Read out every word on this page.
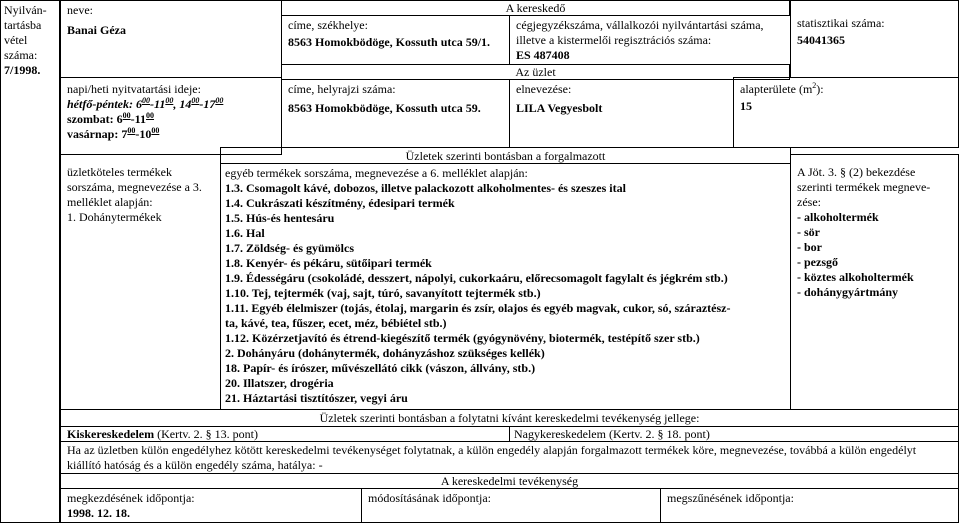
Nyilván-
tartásba
vétel
száma:
7/1998.
A kereskedő
neve:
Banai Géza	címe, székhelye:
8563 Homokbödöge, Kossuth utca 59/1.
cégjegyzékszáma, vállalkozói nyilvántartási száma, illetve a kistermelői regisztrációs száma:
ES 487408
statisztikai száma:
54041365
Az üzlet
napi/heti nyitvatartási ideje:
hétfő-péntek: $6^{00}-11^{00}$, $14^{00}-17^{00}$
szombat: $6^{00}-11^{00}$
vasárnap: $7^{00}-10^{00}$
címe, helyrajzi száma:
8563 Homokbödöge, Kossuth utca 59.
elnevezése:
LILA Vegyesbolt
alapterülete $(m^2)$:
15
Üzletek szerinti bontásban a forgalmazott
üzletköteles termékek sorszáma, megnevezése a 3. melléklet alapján:
1. Dohánytermékek
egyéb termékek sorszáma, megnevezése a 6. melléklet alapján:
1.3. Csomagolt kávé, dobozos, illetve palackozott alkoholmentes- és szeszes ital
1.4. Cukrászati készítmény, édesipari termék
1.5. Hús-és hentesáru
1.6. Hal
1.7. Zöldség- és gyümölcs
1.8. Kenyér- és pékáru, sütőipari termék
1.9. Édességáru (csokoládé, desszert, nápolyi, cukorkaáru, előrecsomagolt fagylalt és jégkrém stb.)
1.10. Tej, tejtermék (vaj, sajt, túró, savanyított tejtermék stb.)
1.11. Egyéb élelmiszer (tojás, étolaj, margarin és zsír, olajos és egyéb magvak, cukor, só, száraztész-
ta, kávé, tea, fűszer, ecet, méz, bébiétel stb.)
1.12. Közérzetjavító és étrend-kiegészítő termék (gyógynövény, biotermék, testépítő szer stb.)
2. Dohányáru (dohánytermék, dohányzáshoz szükséges kellék)
18. Papír- és írószer, művészellátó cikk (vászon, állvány, stb.)
20. Illatszer, drogéria
21. Háztartási tisztítószer, vegyi áru
A Jöt. 3. § (2) bekezdése szerinti termékek megneve-zése:
- alkoholtermék
- sör
- bor
- pezsgő
- köztes alkoholtermék
- dohánygyártmány
Üzletek szerinti bontásban a folytatni kívánt kereskedelmi tevékenység jellege:
Kiskereskedelem (Kertv. 2. § 13. pont)	Nagykereskedelem (Kertv. 2. § 18. pont)
Ha az üzletben külön engedélyhez kötött kereskedelmi tevékenységet folytatnak, a külön engedély alapján forgalmazott termékek köre, megnevezése, továbbá a külön engedélyt kiállító hatóság és a külön engedély száma, hatálya: -
A kereskedelmi tevékenység
megkezdésének időpontja:
1998. 12. 18.
módosításának időpontja:	megszűnésének időpontja:
